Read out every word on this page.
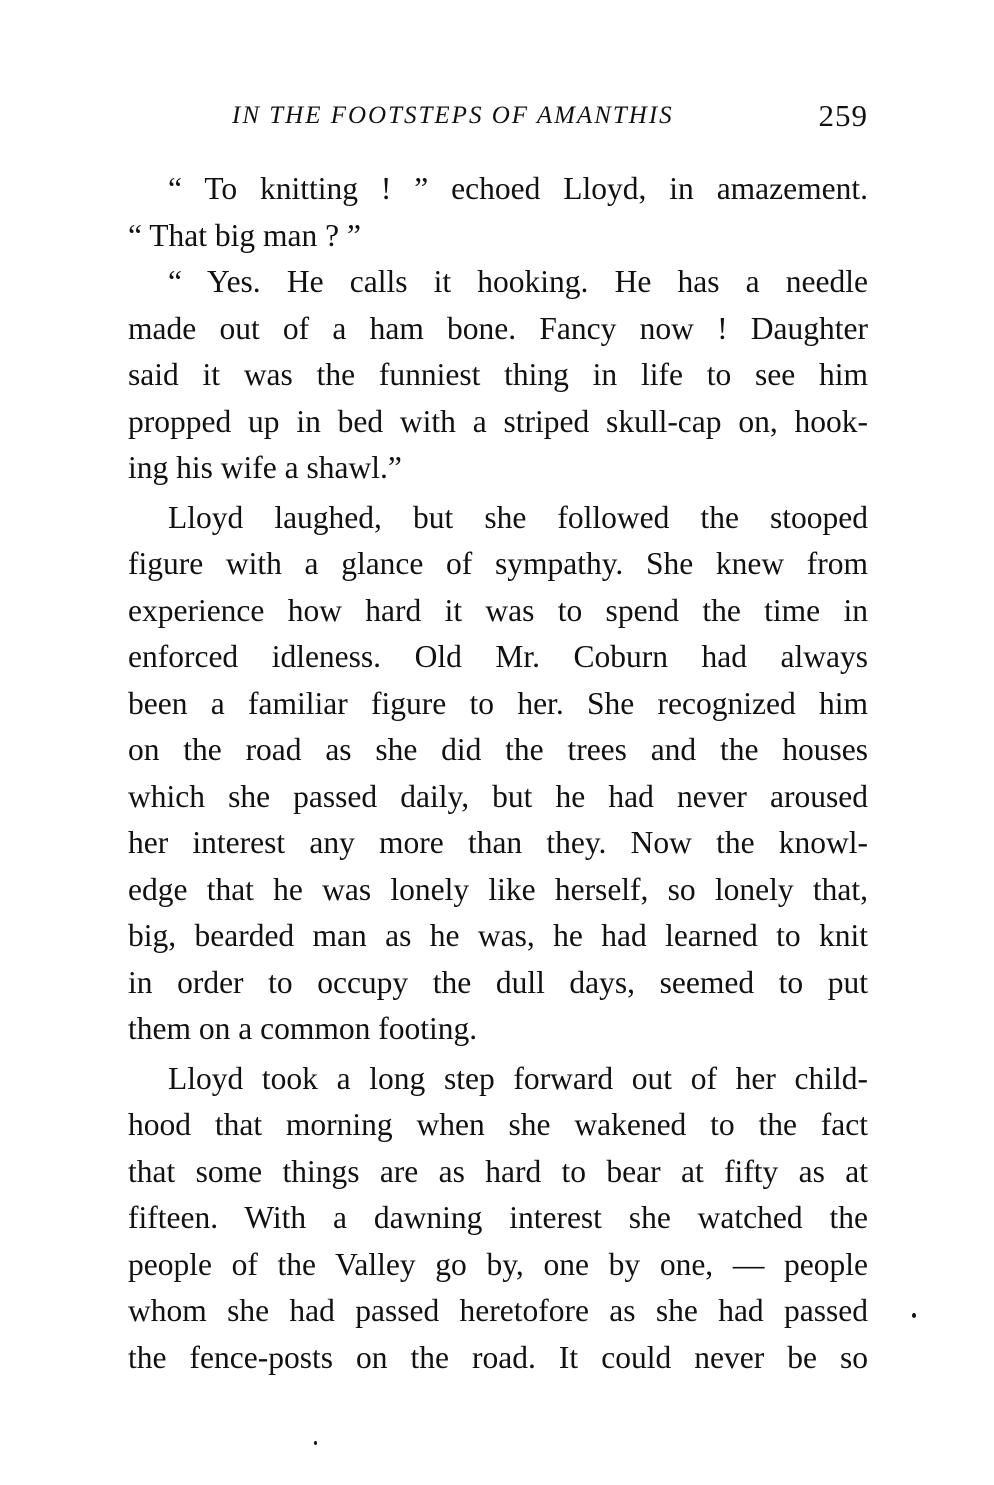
IN THE FOOTSTEPS OF AMANTHIS	259
“ To knitting ! ” echoed Lloyd, in amazement.
“ That big man ? ”
“ Yes. He calls it hooking. He has a needle
made out of a ham bone. Fancy now ! Daughter
said it was the funniest thing in life to see him
propped up in bed with a striped skull-cap on, hook-
ing his wife a shawl.”
Lloyd laughed, but she followed the stooped
figure with a glance of sympathy. She knew from
experience how hard it was to spend the time in
enforced idleness. Old Mr. Coburn had always
been a familiar figure to her. She recognized him
on the road as she did the trees and the houses
which she passed daily, but he had never aroused
her interest any more than they. Now the knowl-
edge that he was lonely like herself, so lonely that,
big, bearded man as he was, he had learned to knit
in order to occupy the dull days, seemed to put
them on a common footing.
Lloyd took a long step forward out of her child-
hood that morning when she wakened to the fact
that some things are as hard to bear at fifty as at
fifteen. With a dawning interest she watched the
people of the Valley go by, one by one, — people
whom she had passed heretofore as she had passed
the fence-posts on the road. It could never be so
